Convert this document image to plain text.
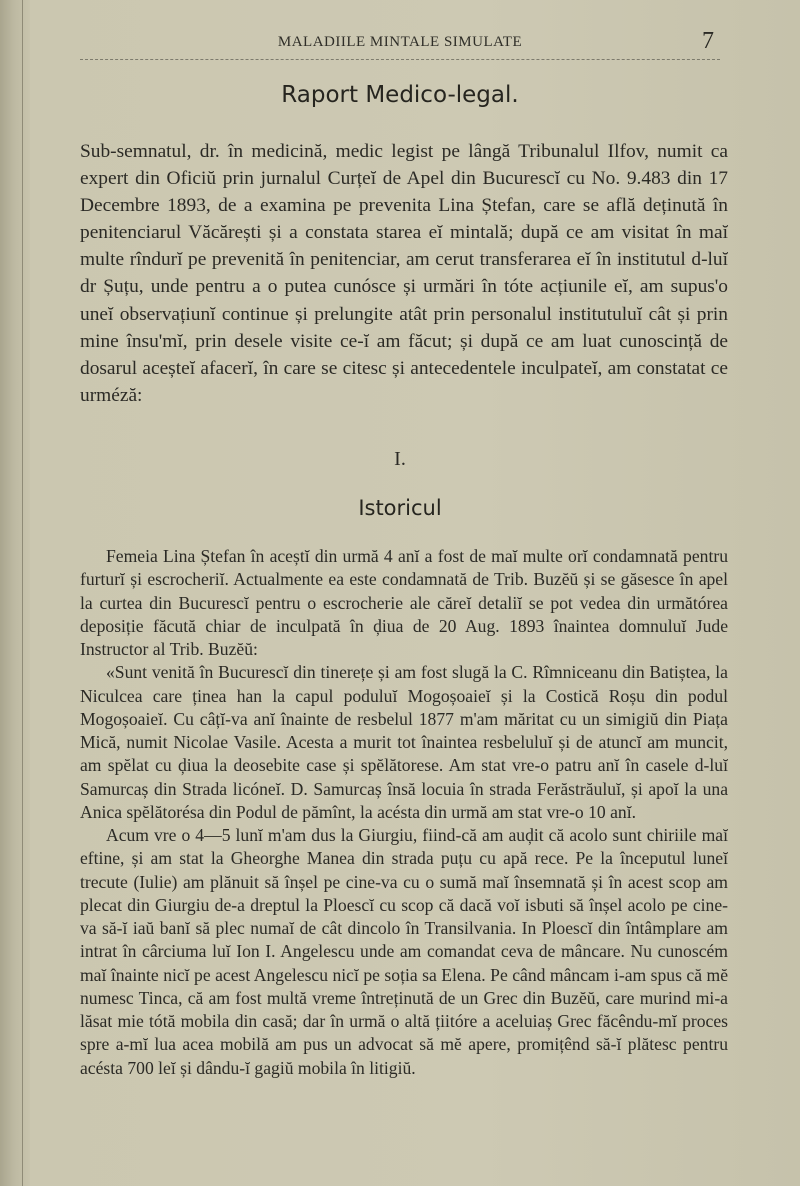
MALADIILE MINTALE SIMULATE	7
Raport Medico-legal.

Sub-semnatul, dr. în medicină, medic legist pe lângă Tribunalul Ilfov, numit ca expert din Oficiŭ prin jurnalul Curțeĭ de Apel din Bucurescĭ cu No. 9.483 din 17 Decembre 1893, de a examina pe prevenita Lina Ștefan, care se află deținută în penitenciarul Văcărești și a constata starea eĭ mintală; după ce am visitat în maĭ multe rîndurĭ pe prevenită în penitenciar, am cerut transferarea eĭ în institutul d-luĭ dr Șuțu, unde pentru a o putea cunósce și urmări în tóte acțiunile eĭ, am supus'o uneĭ observațiunĭ continue și prelungite atât prin personalul institutuluĭ cât și prin mine însu'mĭ, prin desele visite ce-ĭ am făcut; și după ce am luat cunoscință de dosarul aceșteĭ afacerĭ, în care se citesc și antecedentele inculpateĭ, am constatat ce urméză:

I.
Istoricul

Femeia Lina Ștefan în aceștĭ din urmă 4 anĭ a fost de maĭ multe orĭ condamnată pentru furturĭ și escrocheriĭ. Actualmente ea este condamnată de Trib. Buzĕŭ și se găsesce în apel la curtea din Bucurescĭ pentru o escrocherie ale căreĭ detaliĭ se pot vedea din următórea deposiție făcută chiar de inculpată în ḑiua de 20 Aug. 1893 înaintea domnuluĭ Jude Instructor al Trib. Buzĕŭ:

«Sunt venită în Bucurescĭ din tinerețe și am fost slugă la C. Rîmniceanu din Batiștea, la Niculcea care ținea han la capul poduluĭ Mogoșoaieĭ și la Costică Roșu din podul Mogoșoaieĭ. Cu câțĭ-va anĭ înainte de resbelul 1877 m'am măritat cu un simigiŭ din Piața Mică, numit Nicolae Vasile. Acesta a murit tot înaintea resbeluluĭ și de atuncĭ am muncit, am spĕlat cu ḑiua la deosebite case și spĕlătorese. Am stat vre-o patru anĭ în casele d-luĭ Samurcaș din Strada licóneĭ. D. Samurcaș însă locuia în strada Ferăstrăuluĭ, și apoĭ la una Anica spĕlătorésa din Podul de pămînt, la acésta din urmă am stat vre-o 10 anĭ.

Acum vre o 4—5 lunĭ m'am dus la Giurgiu, fiind-că am auḑit că acolo sunt chiriile maĭ eftine, și am stat la Gheorghe Manea din strada puțu cu apă rece. Pe la începutul luneĭ trecute (Iulie) am plănuit să înșel pe cine-va cu o sumă maĭ însemnată și în acest scop am plecat din Giurgiu de-a dreptul la Ploescĭ cu scop că dacă voĭ isbuti să înșel acolo pe cine-va să-ĭ iaŭ banĭ să plec numaĭ de cât dincolo în Transilvania. In Ploescĭ din întâmplare am intrat în cârciuma luĭ Ion I. Angelescu unde am comandat ceva de mâncare. Nu cunoscém maĭ înainte nicĭ pe acest Angelescu nicĭ pe soția sa Elena. Pe când mâncam i-am spus că mĕ numesc Tinca, că am fost multă vreme întreținută de un Grec din Buzĕŭ, care murind mi-a lăsat mie tótă mobila din casă; dar în urmă o altă țiitóre a aceluiaș Grec făcêndu-mĭ proces spre a-mĭ lua acea mobilă am pus un advocat să mĕ apere, promițênd să-ĭ plătesc pentru acésta 700 leĭ și dându-ĭ gagiŭ mobila în litigiŭ.
